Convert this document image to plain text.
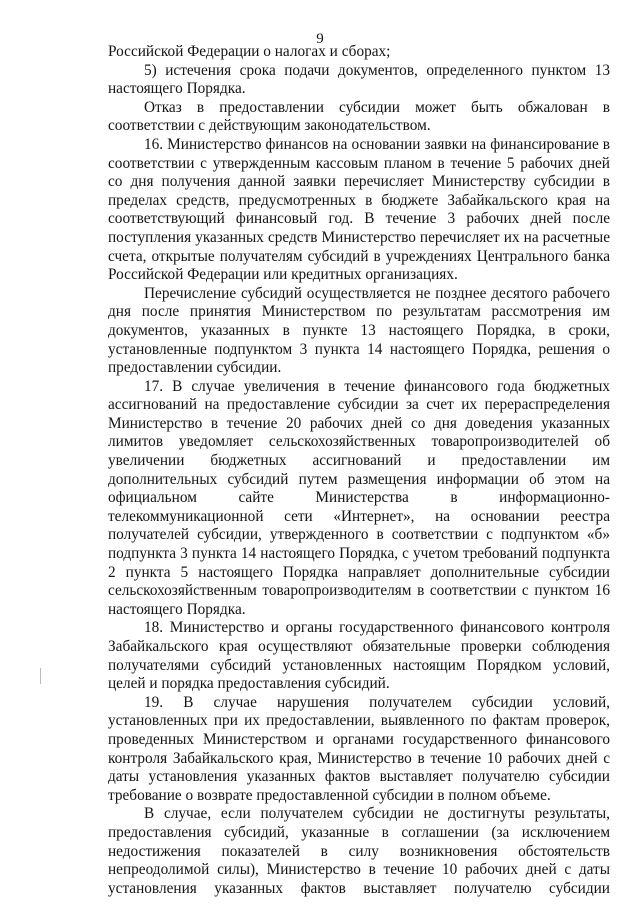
9

Российской Федерации о налогах и сборах;

5) истечения срока подачи документов, определенного пунктом 13 настоящего Порядка.

Отказ в предоставлении субсидии может быть обжалован в соответствии с действующим законодательством.

16. Министерство финансов на основании заявки на финансирование в соответствии с утвержденным кассовым планом в течение 5 рабочих дней со дня получения данной заявки перечисляет Министерству субсидии в пределах средств, предусмотренных в бюджете Забайкальского края на соответствующий финансовый год. В течение 3 рабочих дней после поступления указанных средств Министерство перечисляет их на расчетные счета, открытые получателям субсидий в учреждениях Центрального банка Российской Федерации или кредитных организациях.

Перечисление субсидий осуществляется не позднее десятого рабочего дня после принятия Министерством по результатам рассмотрения им документов, указанных в пункте 13 настоящего Порядка, в сроки, установленные подпунктом 3 пункта 14 настоящего Порядка, решения о предоставлении субсидии.

17. В случае увеличения в течение финансового года бюджетных ассигнований на предоставление субсидии за счет их перераспределения Министерство в течение 20 рабочих дней со дня доведения указанных лимитов уведомляет сельскохозяйственных товаропроизводителей об увеличении бюджетных ассигнований и предоставлении им дополнительных субсидий путем размещения информации об этом на официальном сайте Министерства в информационно-телекоммуникационной сети «Интернет», на основании реестра получателей субсидии, утвержденного в соответствии с подпунктом «б» подпункта 3 пункта 14 настоящего Порядка, с учетом требований подпункта 2 пункта 5 настоящего Порядка направляет дополнительные субсидии сельскохозяйственным товаропроизводителям в соответствии с пунктом 16 настоящего Порядка.

18. Министерство и органы государственного финансового контроля Забайкальского края осуществляют обязательные проверки соблюдения получателями субсидий установленных настоящим Порядком условий, целей и порядка предоставления субсидий.

19. В случае нарушения получателем субсидии условий, установленных при их предоставлении, выявленного по фактам проверок, проведенных Министерством и органами государственного финансового контроля Забайкальского края, Министерство в течение 10 рабочих дней с даты установления указанных фактов выставляет получателю субсидии требование о возврате предоставленной субсидии в полном объеме.

В случае, если получателем субсидии не достигнуты результаты, предоставления субсидий, указанные в соглашении (за исключением недостижения показателей в силу возникновения обстоятельств непреодолимой силы), Министерство в течение 10 рабочих дней с даты установления указанных фактов выставляет получателю субсидии
